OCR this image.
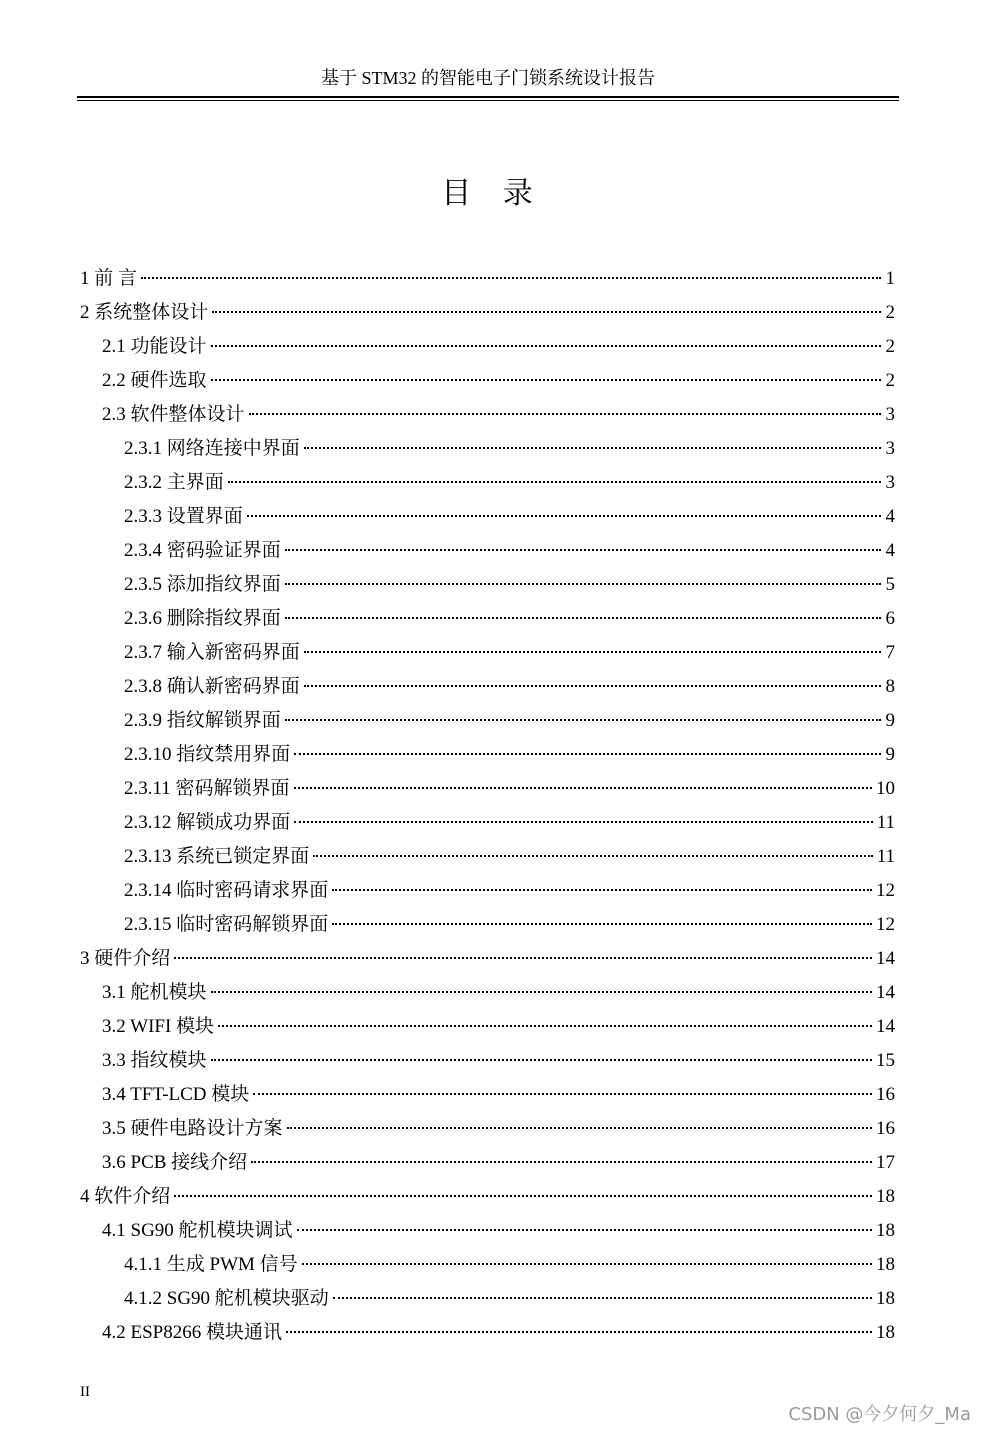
基于 STM32 的智能电子门锁系统设计报告
目 录
1 前 言	1
2 系统整体设计	2
2.1 功能设计	2
2.2 硬件选取	2
2.3 软件整体设计	3
2.3.1 网络连接中界面	3
2.3.2 主界面	3
2.3.3 设置界面	4
2.3.4 密码验证界面	4
2.3.5 添加指纹界面	5
2.3.6 删除指纹界面	6
2.3.7 输入新密码界面	7
2.3.8 确认新密码界面	8
2.3.9 指纹解锁界面	9
2.3.10 指纹禁用界面	9
2.3.11 密码解锁界面	10
2.3.12 解锁成功界面	11
2.3.13 系统已锁定界面	11
2.3.14 临时密码请求界面	12
2.3.15 临时密码解锁界面	12
3 硬件介绍	14
3.1 舵机模块	14
3.2 WIFI 模块	14
3.3 指纹模块	15
3.4 TFT-LCD 模块	16
3.5 硬件电路设计方案	16
3.6 PCB 接线介绍	17
4 软件介绍	18
4.1 SG90 舵机模块调试	18
4.1.1 生成 PWM 信号	18
4.1.2 SG90 舵机模块驱动	18
4.2 ESP8266 模块通讯	18
II
CSDN @今夕何夕_Ma
